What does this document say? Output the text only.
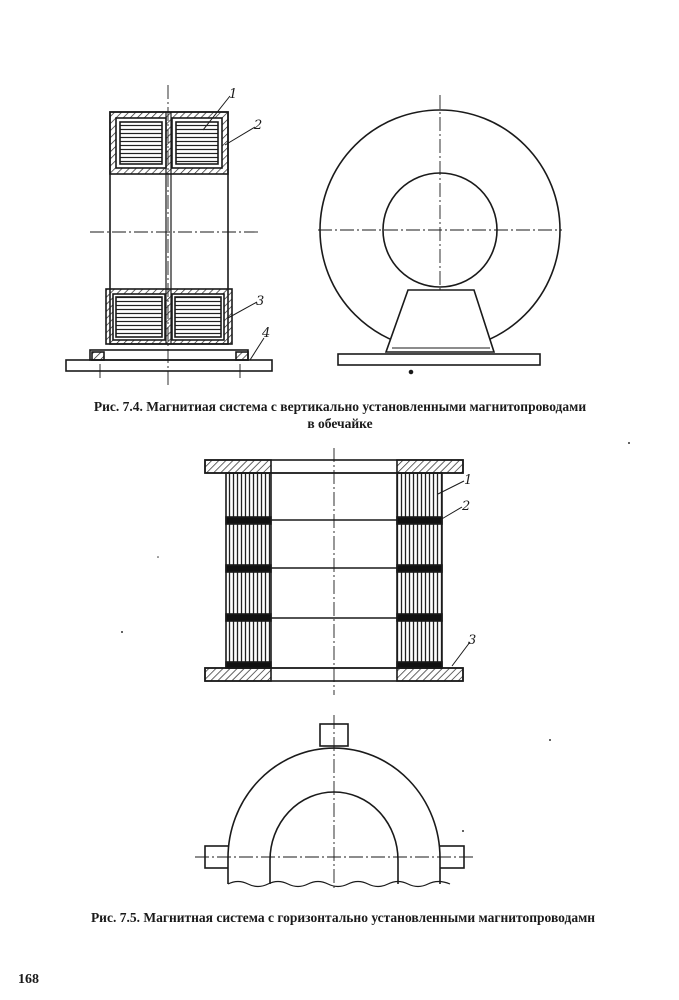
1
2
3
4
1
2
3
Рис. 7.4. Магнитиая система с вертикально установленными магнитопроводами
в обечайке
Рис. 7.5. Магнитная система с горизонтально установленными магнитопроводамн
168
